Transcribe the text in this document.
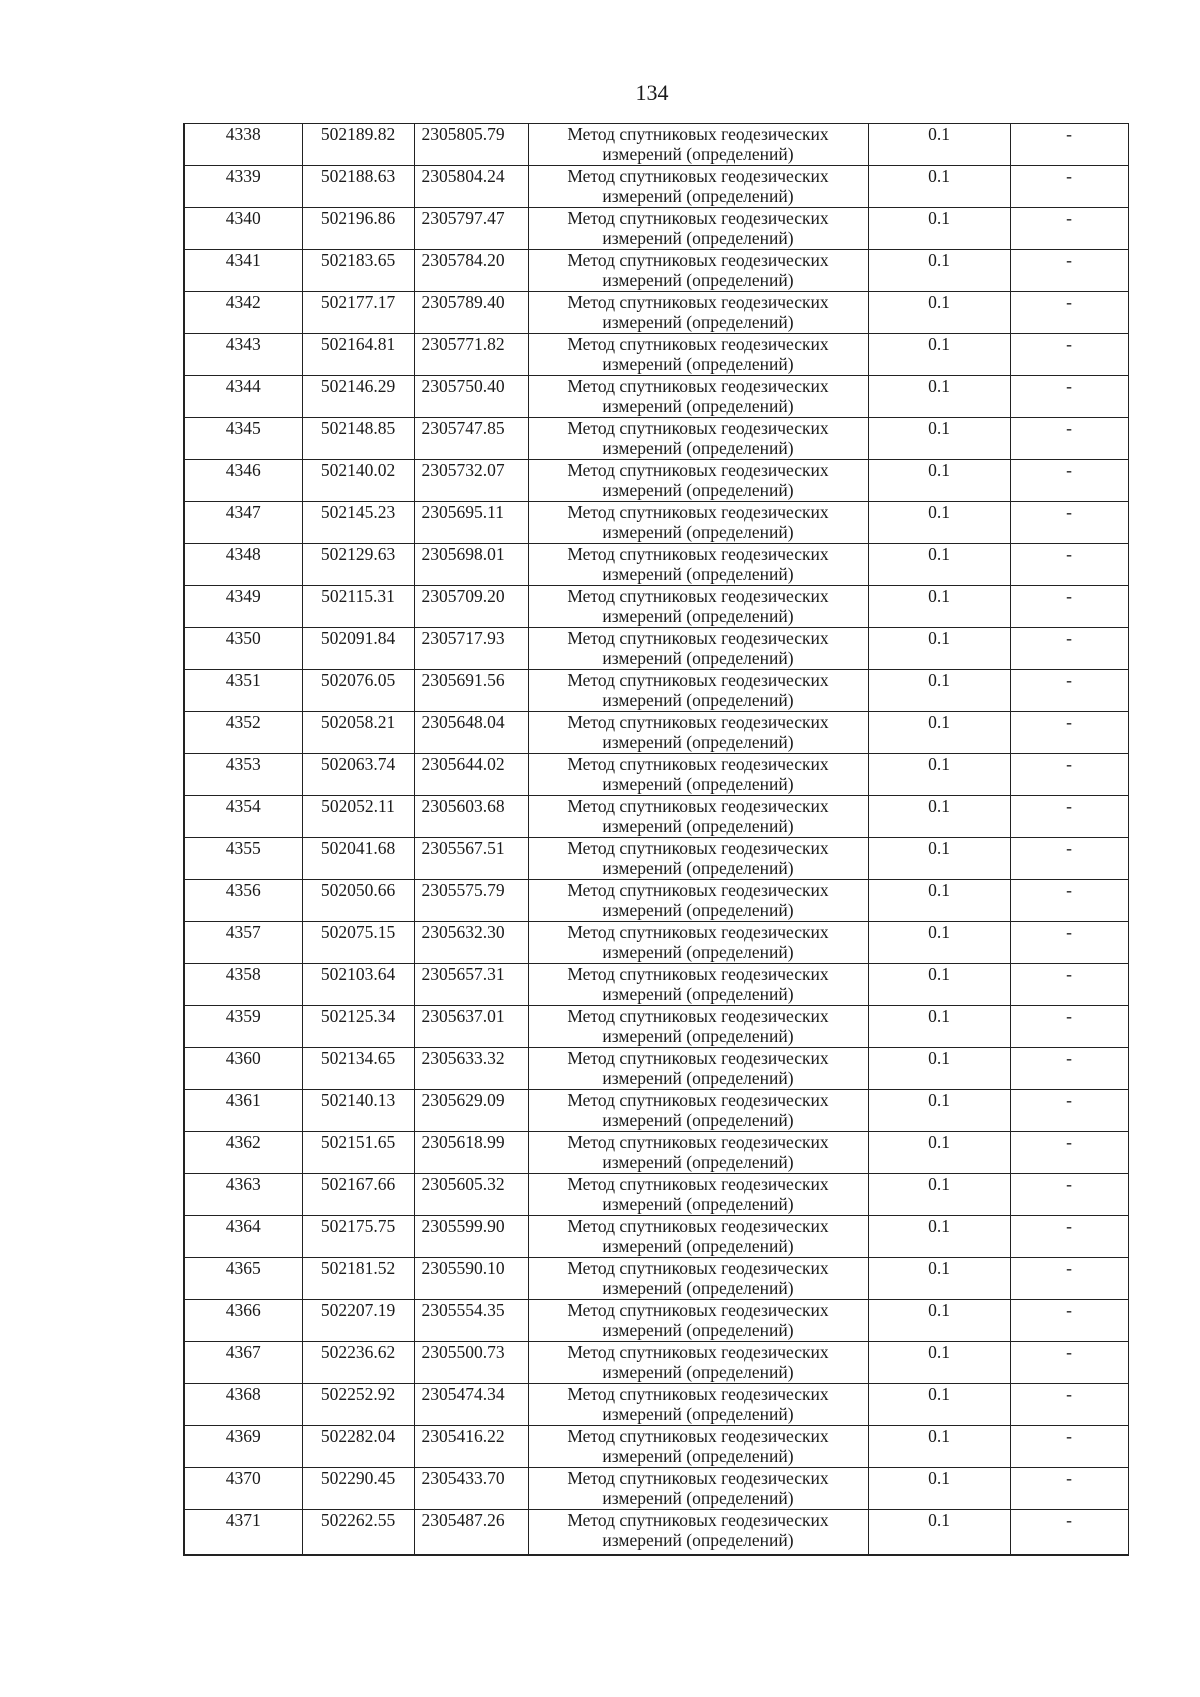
134
4338	502189.82	2305805.79	Метод спутниковых геодезических
измерений (определений)	0.1	-
4339	502188.63	2305804.24	Метод спутниковых геодезических
измерений (определений)	0.1	-
4340	502196.86	2305797.47	Метод спутниковых геодезических
измерений (определений)	0.1	-
4341	502183.65	2305784.20	Метод спутниковых геодезических
измерений (определений)	0.1	-
4342	502177.17	2305789.40	Метод спутниковых геодезических
измерений (определений)	0.1	-
4343	502164.81	2305771.82	Метод спутниковых геодезических
измерений (определений)	0.1	-
4344	502146.29	2305750.40	Метод спутниковых геодезических
измерений (определений)	0.1	-
4345	502148.85	2305747.85	Метод спутниковых геодезических
измерений (определений)	0.1	-
4346	502140.02	2305732.07	Метод спутниковых геодезических
измерений (определений)	0.1	-
4347	502145.23	2305695.11	Метод спутниковых геодезических
измерений (определений)	0.1	-
4348	502129.63	2305698.01	Метод спутниковых геодезических
измерений (определений)	0.1	-
4349	502115.31	2305709.20	Метод спутниковых геодезических
измерений (определений)	0.1	-
4350	502091.84	2305717.93	Метод спутниковых геодезических
измерений (определений)	0.1	-
4351	502076.05	2305691.56	Метод спутниковых геодезических
измерений (определений)	0.1	-
4352	502058.21	2305648.04	Метод спутниковых геодезических
измерений (определений)	0.1	-
4353	502063.74	2305644.02	Метод спутниковых геодезических
измерений (определений)	0.1	-
4354	502052.11	2305603.68	Метод спутниковых геодезических
измерений (определений)	0.1	-
4355	502041.68	2305567.51	Метод спутниковых геодезических
измерений (определений)	0.1	-
4356	502050.66	2305575.79	Метод спутниковых геодезических
измерений (определений)	0.1	-
4357	502075.15	2305632.30	Метод спутниковых геодезических
измерений (определений)	0.1	-
4358	502103.64	2305657.31	Метод спутниковых геодезических
измерений (определений)	0.1	-
4359	502125.34	2305637.01	Метод спутниковых геодезических
измерений (определений)	0.1	-
4360	502134.65	2305633.32	Метод спутниковых геодезических
измерений (определений)	0.1	-
4361	502140.13	2305629.09	Метод спутниковых геодезических
измерений (определений)	0.1	-
4362	502151.65	2305618.99	Метод спутниковых геодезических
измерений (определений)	0.1	-
4363	502167.66	2305605.32	Метод спутниковых геодезических
измерений (определений)	0.1	-
4364	502175.75	2305599.90	Метод спутниковых геодезических
измерений (определений)	0.1	-
4365	502181.52	2305590.10	Метод спутниковых геодезических
измерений (определений)	0.1	-
4366	502207.19	2305554.35	Метод спутниковых геодезических
измерений (определений)	0.1	-
4367	502236.62	2305500.73	Метод спутниковых геодезических
измерений (определений)	0.1	-
4368	502252.92	2305474.34	Метод спутниковых геодезических
измерений (определений)	0.1	-
4369	502282.04	2305416.22	Метод спутниковых геодезических
измерений (определений)	0.1	-
4370	502290.45	2305433.70	Метод спутниковых геодезических
измерений (определений)	0.1	-
4371	502262.55	2305487.26	Метод спутниковых геодезических
измерений (определений)	0.1	-
